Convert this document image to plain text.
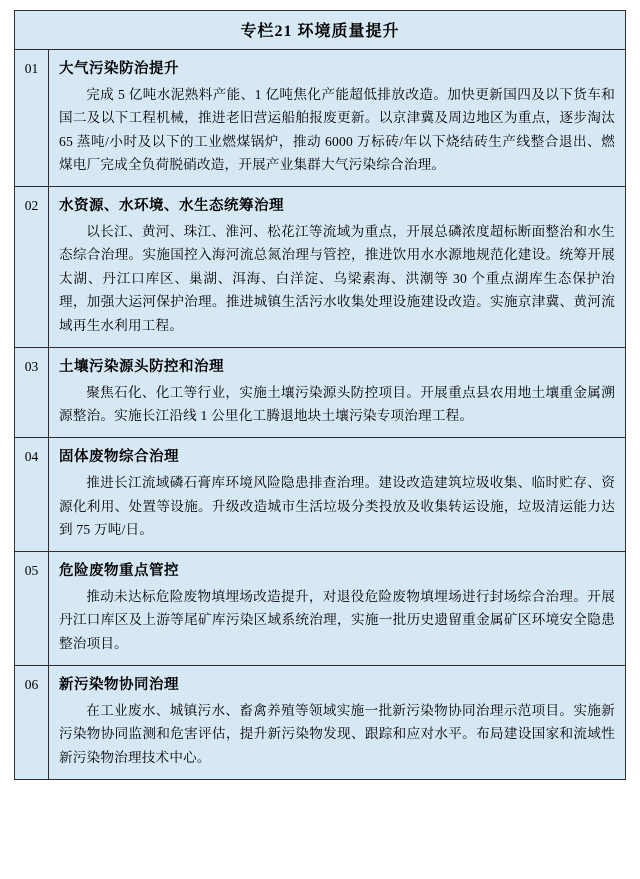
专栏21 环境质量提升
01	大气污染防治提升
完成 5 亿吨水泥熟料产能、1 亿吨焦化产能超低排放改造。加快更新国四及以下货车和国二及以下工程机械，推进老旧营运船舶报废更新。以京津冀及周边地区为重点，逐步淘汰 65 蒸吨/小时及以下的工业燃煤锅炉，推动 6000 万标砖/年以下烧结砖生产线整合退出、燃煤电厂完成全负荷脱硝改造，开展产业集群大气污染综合治理。
02	水资源、水环境、水生态统筹治理
以长江、黄河、珠江、淮河、松花江等流域为重点，开展总磷浓度超标断面整治和水生态综合治理。实施国控入海河流总氮治理与管控，推进饮用水水源地规范化建设。统筹开展太湖、丹江口库区、巢湖、洱海、白洋淀、乌梁素海、洪潮等 30 个重点湖库生态保护治理，加强大运河保护治理。推进城镇生活污水收集处理设施建设改造。实施京津冀、黄河流域再生水利用工程。
03	土壤污染源头防控和治理
聚焦石化、化工等行业，实施土壤污染源头防控项目。开展重点县农用地土壤重金属溯源整治。实施长江沿线 1 公里化工腾退地块土壤污染专项治理工程。
04	固体废物综合治理
推进长江流域磷石膏库环境风险隐患排查治理。建设改造建筑垃圾收集、临时贮存、资源化利用、处置等设施。升级改造城市生活垃圾分类投放及收集转运设施，垃圾清运能力达到 75 万吨/日。
05	危险废物重点管控
推动未达标危险废物填埋场改造提升，对退役危险废物填埋场进行封场综合治理。开展丹江口库区及上游等尾矿库污染区域系统治理，实施一批历史遗留重金属矿区环境安全隐患整治项目。
06	新污染物协同治理
在工业废水、城镇污水、畜禽养殖等领域实施一批新污染物协同治理示范项目。实施新污染物协同监测和危害评估，提升新污染物发现、跟踪和应对水平。布局建设国家和流域性新污染物治理技术中心。
